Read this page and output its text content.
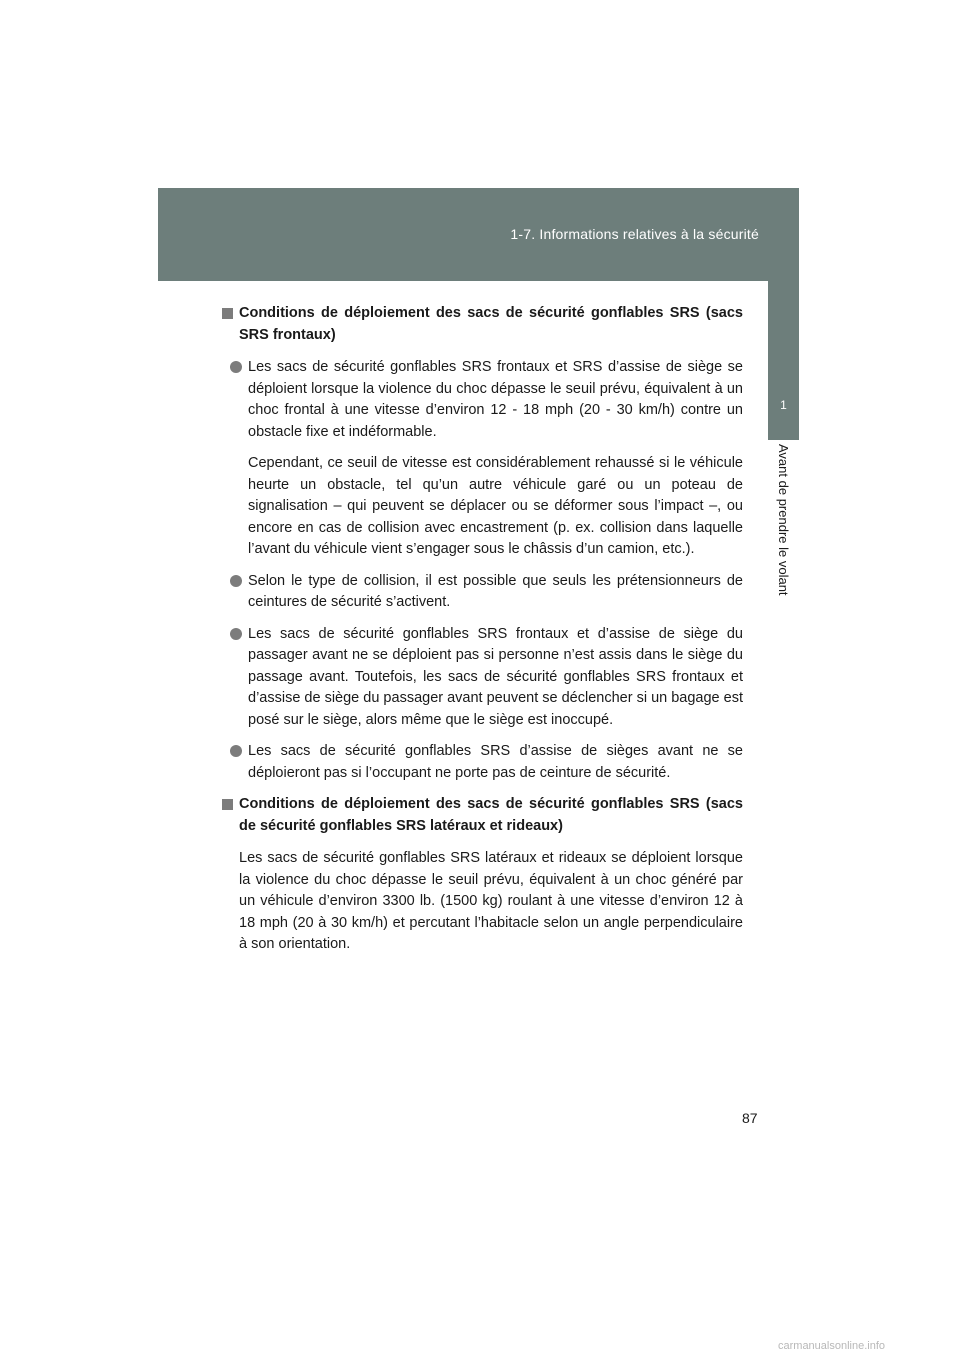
1-7. Informations relatives à la sécurité
1
Avant de prendre le volant
Conditions de déploiement des sacs de sécurité gonflables SRS (sacs SRS frontaux)
Les sacs de sécurité gonflables SRS frontaux et SRS d’assise de siège se déploient lorsque la violence du choc dépasse le seuil prévu, équivalent à un choc frontal à une vitesse d’environ 12 - 18 mph (20 - 30 km/h) contre un obstacle fixe et indéformable.
Cependant, ce seuil de vitesse est considérablement rehaussé si le véhicule heurte un obstacle, tel qu’un autre véhicule garé ou un poteau de signalisation – qui peuvent se déplacer ou se déformer sous l’impact –, ou encore en cas de collision avec encastrement (p. ex. collision dans laquelle l’avant du véhicule vient s’engager sous le châssis d’un camion, etc.).
Selon le type de collision, il est possible que seuls les prétensionneurs de ceintures de sécurité s’activent.
Les sacs de sécurité gonflables SRS frontaux et d’assise de siège du passager avant ne se déploient pas si personne n’est assis dans le siège du passage avant. Toutefois, les sacs de sécurité gonflables SRS frontaux et d’assise de siège du passager avant peuvent se déclencher si un bagage est posé sur le siège, alors même que le siège est inoccupé.
Les sacs de sécurité gonflables SRS d’assise de sièges avant ne se déploieront pas si l’occupant ne porte pas de ceinture de sécurité.
Conditions de déploiement des sacs de sécurité gonflables SRS (sacs de sécurité gonflables SRS latéraux et rideaux)
Les sacs de sécurité gonflables SRS latéraux et rideaux se déploient lorsque la violence du choc dépasse le seuil prévu, équivalent à un choc généré par un véhicule d’environ 3300 lb. (1500 kg) roulant à une vitesse d’environ 12 à 18 mph (20 à 30 km/h) et percutant l’habitacle selon un angle perpendiculaire à son orientation.
87
carmanualsonline.info
